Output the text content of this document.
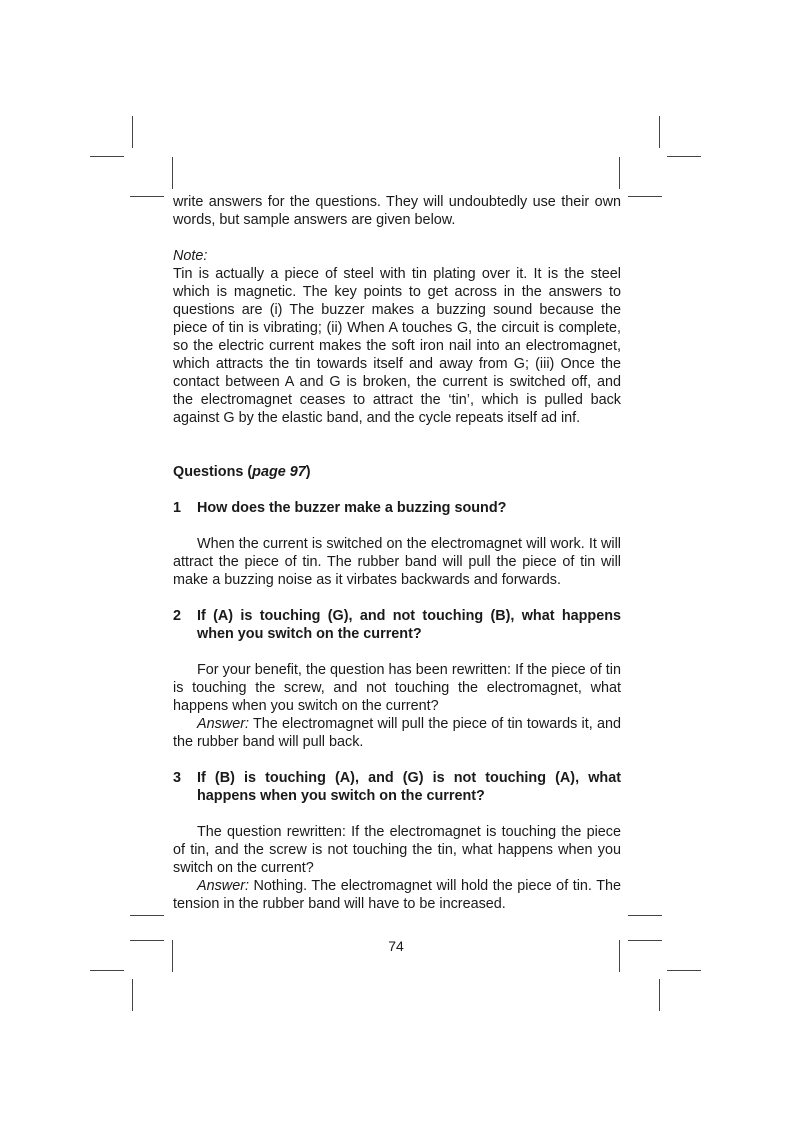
write answers for the questions. They will undoubtedly use their own words, but sample answers are given below.

Note:

Tin is actually a piece of steel with tin plating over it. It is the steel which is magnetic. The key points to get across in the answers to questions are (i) The buzzer makes a buzzing sound because the piece of tin is vibrating; (ii) When A touches G, the circuit is complete, so the electric current makes the soft iron nail into an electromagnet, which attracts the tin towards itself and away from G; (iii) Once the contact between A and G is broken, the current is switched off, and the electromagnet ceases to attract the ‘tin’, which is pulled back against G by the elastic band, and the cycle repeats itself ad inf.

Questions (page 97)

1	How does the buzzer make a buzzing sound?

When the current is switched on the electromagnet will work. It will attract the piece of tin. The rubber band will pull the piece of tin will make a buzzing noise as it virbates backwards and forwards.

2	If (A) is touching (G), and not touching (B), what happens when you switch on the current?

For your benefit, the question has been rewritten: If the piece of tin is touching the screw, and not touching the electromagnet, what happens when you switch on the current?

Answer: The electromagnet will pull the piece of tin towards it, and the rubber band will pull back.

3	If (B) is touching (A), and (G) is not touching (A), what happens when you switch on the current?

The question rewritten: If the electromagnet is touching the piece of tin, and the screw is not touching the tin, what happens when you switch on the current?

Answer: Nothing. The electromagnet will hold the piece of tin. The tension in the rubber band will have to be increased.

74
